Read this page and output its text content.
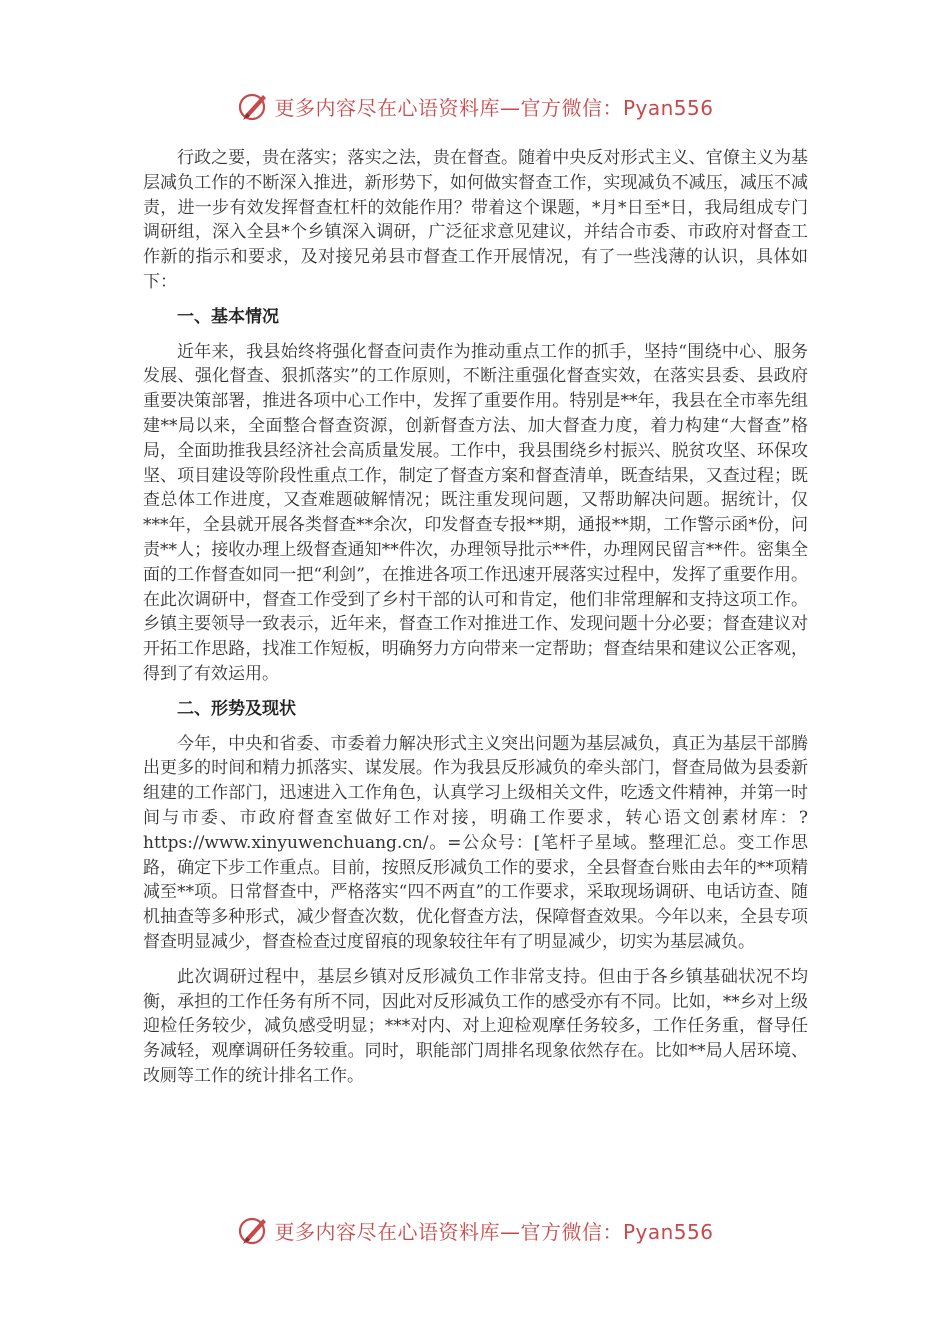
更多内容尽在心语资料库—官方微信：Pyan556

行政之要，贵在落实；落实之法，贵在督查。随着中央反对形式主义、官僚主义为基层减负工作的不断深入推进，新形势下，如何做实督查工作，实现减负不减压，减压不减责，进一步有效发挥督查杠杆的效能作用？带着这个课题，*月*日至*日，我局组成专门调研组，深入全县*个乡镇深入调研，广泛征求意见建议，并结合市委、市政府对督查工作新的指示和要求，及对接兄弟县市督查工作开展情况，有了一些浅薄的认识，具体如下：

一、基本情况

近年来，我县始终将强化督查问责作为推动重点工作的抓手，坚持“围绕中心、服务发展、强化督查、狠抓落实”的工作原则，不断注重强化督查实效，在落实县委、县政府重要决策部署，推进各项中心工作中，发挥了重要作用。特别是**年，我县在全市率先组建**局以来，全面整合督查资源，创新督查方法、加大督查力度，着力构建“大督查”格局，全面助推我县经济社会高质量发展。工作中，我县围绕乡村振兴、脱贫攻坚、环保攻坚、项目建设等阶段性重点工作，制定了督查方案和督查清单，既查结果，又查过程；既查总体工作进度，又查难题破解情况；既注重发现问题，又帮助解决问题。据统计，仅***年，全县就开展各类督查**余次，印发督查专报**期，通报**期，工作警示函*份，问责**人；接收办理上级督查通知**件次，办理领导批示**件，办理网民留言**件。密集全面的工作督查如同一把“利剑”，在推进各项工作迅速开展落实过程中，发挥了重要作用。在此次调研中，督查工作受到了乡村干部的认可和肯定，他们非常理解和支持这项工作。乡镇主要领导一致表示，近年来，督查工作对推进工作、发现问题十分必要；督查建议对开拓工作思路，找准工作短板，明确努力方向带来一定帮助；督查结果和建议公正客观，得到了有效运用。

二、形势及现状

今年，中央和省委、市委着力解决形式主义突出问题为基层减负，真正为基层干部腾出更多的时间和精力抓落实、谋发展。作为我县反形减负的牵头部门，督查局做为县委新组建的工作部门，迅速进入工作角色，认真学习上级相关文件，吃透文件精神，并第一时间与市委、市政府督查室做好工作对接，明确工作要求，转心语文创素材库：?https://www.xinyuwenchuang.cn/。=公众号：[笔杆子星域。整理汇总。变工作思路，确定下步工作重点。目前，按照反形减负工作的要求，全县督查台账由去年的**项精减至**项。日常督查中，严格落实“四不两直”的工作要求，采取现场调研、电话访查、随机抽查等多种形式，减少督查次数，优化督查方法，保障督查效果。今年以来，全县专项督查明显减少，督查检查过度留痕的现象较往年有了明显减少，切实为基层减负。

此次调研过程中，基层乡镇对反形减负工作非常支持。但由于各乡镇基础状况不均衡，承担的工作任务有所不同，因此对反形减负工作的感受亦有不同。比如，**乡对上级迎检任务较少，减负感受明显；***对内、对上迎检观摩任务较多，工作任务重，督导任务减轻，观摩调研任务较重。同时，职能部门周排名现象依然存在。比如**局人居环境、改厕等工作的统计排名工作。

更多内容尽在心语资料库—官方微信：Pyan556
